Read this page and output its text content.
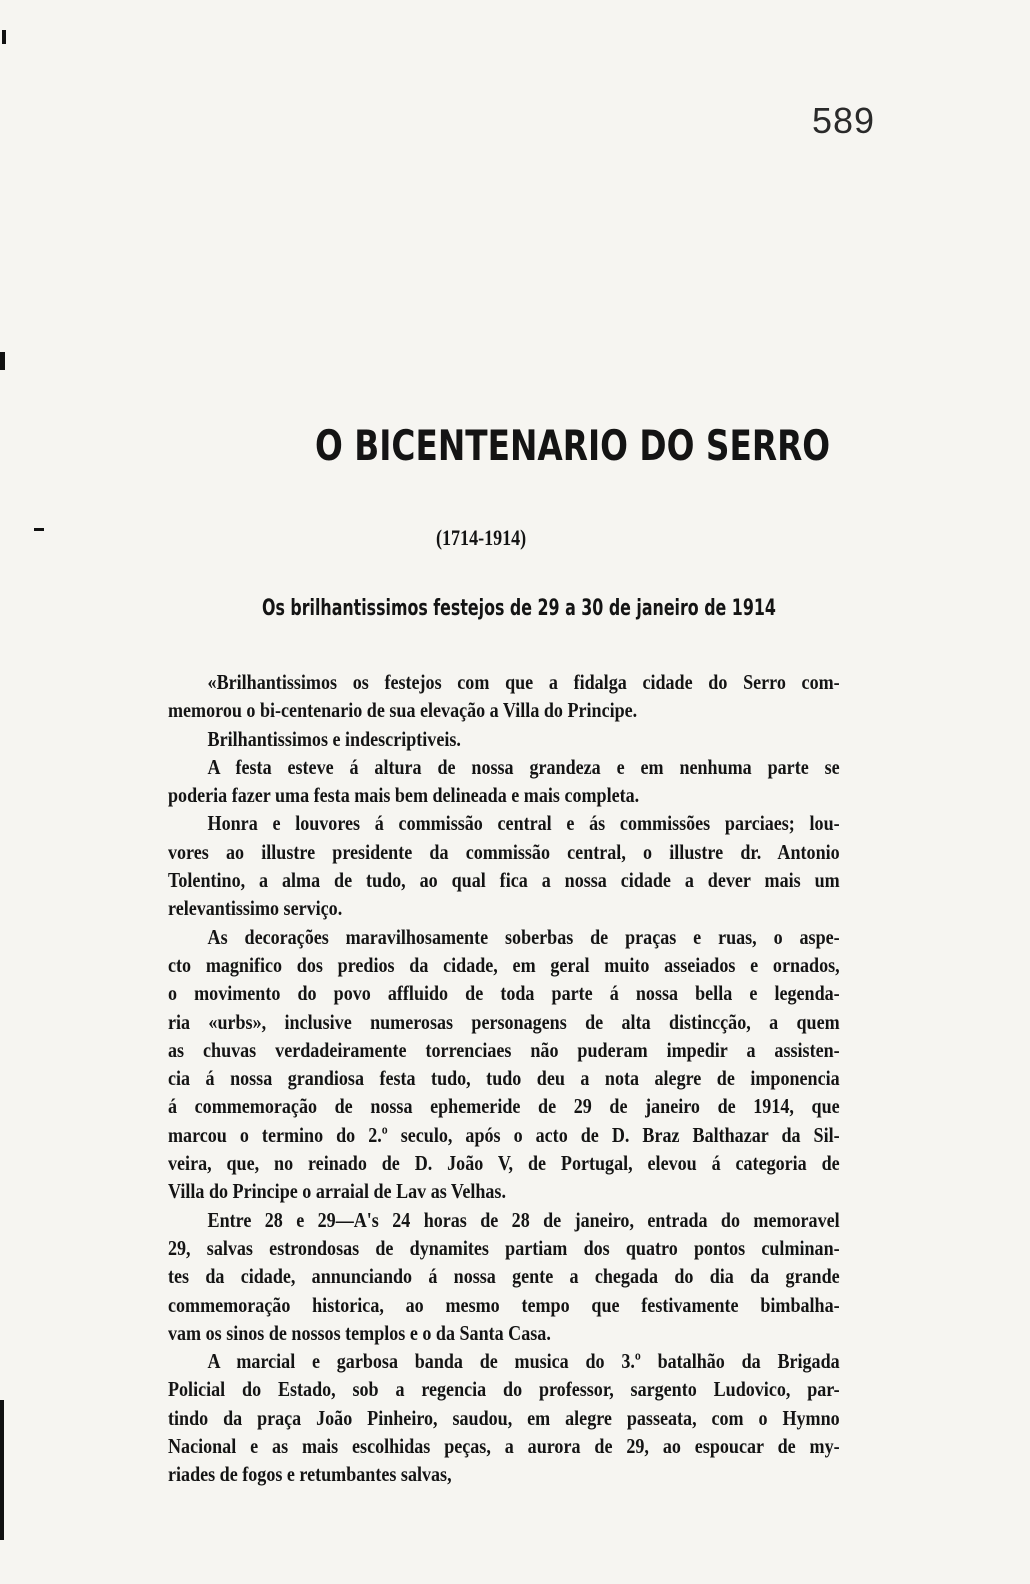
589
O BICENTENARIO DO SERRO
(1714-1914)
Os brilhantissimos festejos de 29 a 30 de janeiro de 1914
«Brilhantissimos os festejos com que a fidalga cidade do Serro com-
memorou o bi-centenario de sua elevação a Villa do Principe.
Brilhantissimos e indescriptiveis.
A festa esteve á altura de nossa grandeza e em nenhuma parte se
poderia fazer uma festa mais bem delineada e mais completa.
Honra e louvores á commissão central e ás commissões parciaes; lou-
vores ao illustre presidente da commissão central, o illustre dr. Antonio
Tolentino, a alma de tudo, ao qual fica a nossa cidade a dever mais um
relevantissimo serviço.
As decorações maravilhosamente soberbas de praças e ruas, o aspe-
cto magnifico dos predios da cidade, em geral muito asseiados e ornados,
o movimento do povo affluido de toda parte á nossa bella e legenda-
ria «urbs», inclusive numerosas personagens de alta distincção, a quem
as chuvas verdadeiramente torrenciaes não puderam impedir a assisten-
cia á nossa grandiosa festa tudo, tudo deu a nota alegre de imponencia
á commemoração de nossa ephemeride de 29 de janeiro de 1914, que
marcou o termino do 2.º seculo, após o acto de D. Braz Balthazar da Sil-
veira, que, no reinado de D. João V, de Portugal, elevou á categoria de
Villa do Principe o arraial de Lav as Velhas.
Entre 28 e 29—A's 24 horas de 28 de janeiro, entrada do memoravel
29, salvas estrondosas de dynamites partiam dos quatro pontos culminan-
tes da cidade, annunciando á nossa gente a chegada do dia da grande
commemoração historica, ao mesmo tempo que festivamente bimbalha-
vam os sinos de nossos templos e o da Santa Casa.
A marcial e garbosa banda de musica do 3.º batalhão da Brigada
Policial do Estado, sob a regencia do professor, sargento Ludovico, par-
tindo da praça João Pinheiro, saudou, em alegre passeata, com o Hymno
Nacional e as mais escolhidas peças, a aurora de 29, ao espoucar de my-
riades de fogos e retumbantes salvas,
